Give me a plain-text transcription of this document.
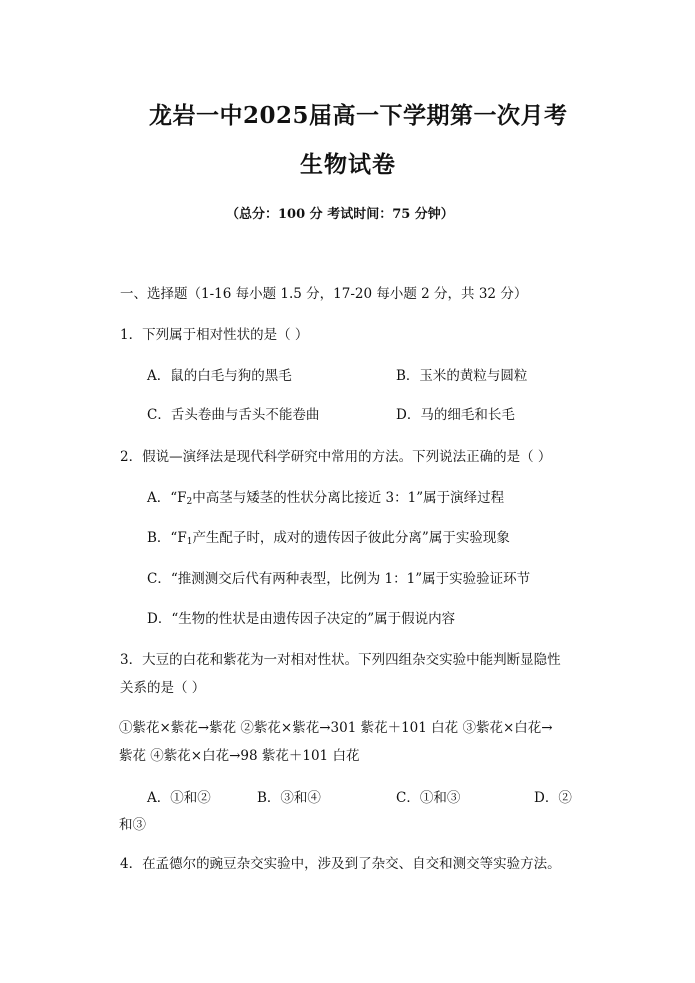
龙岩一中2025届高一下学期第一次月考
生物试卷
（总分：100 分 考试时间：75 分钟）
一、选择题（1-16 每小题 1.5 分，17-20 每小题 2 分，共 32 分）
1．下列属于相对性状的是（ ）
A．鼠的白毛与狗的黑毛	B．玉米的黄粒与圆粒
C．舌头卷曲与舌头不能卷曲	D．马的细毛和长毛
2．假说—演绎法是现代科学研究中常用的方法。下列说法正确的是（ ）
A．“$F_2$中高茎与矮茎的性状分离比接近 3：1”属于演绎过程
B．“$F_1$产生配子时，成对的遗传因子彼此分离”属于实验现象
C．“推测测交后代有两种表型，比例为 1：1”属于实验验证环节
D．“生物的性状是由遗传因子决定的”属于假说内容
3．大豆的白花和紫花为一对相对性状。下列四组杂交实验中能判断显隐性
关系的是（ ）
①紫花×紫花→紫花 ②紫花×紫花→301 紫花＋101 白花 ③紫花×白花→
紫花 ④紫花×白花→98 紫花＋101 白花
A．①和②	B．③和④	C．①和③	D．②
和③
4．在孟德尔的豌豆杂交实验中，涉及到了杂交、自交和测交等实验方法。
